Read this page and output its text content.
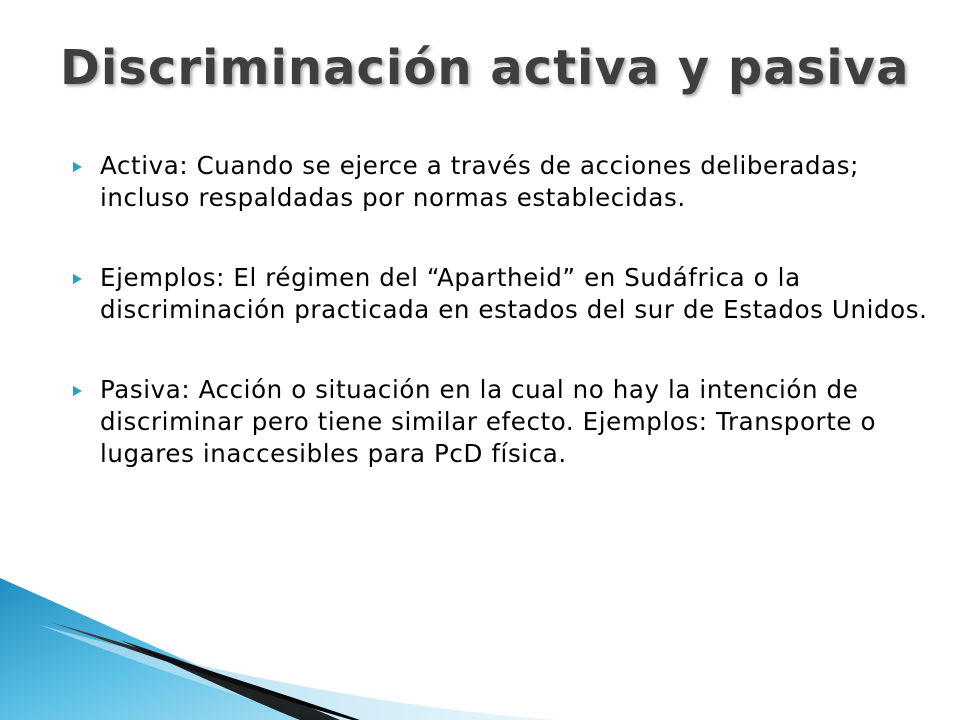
Discriminación activa y pasiva
Activa: Cuando se ejerce a través de acciones deliberadas; incluso respaldadas por normas establecidas.
Ejemplos: El régimen del “Apartheid” en Sudáfrica o la discriminación practicada en estados del sur de Estados Unidos.
Pasiva: Acción o situación en la cual no hay la intención de discriminar pero tiene similar efecto. Ejemplos: Transporte o lugares inaccesibles para PcD física.
